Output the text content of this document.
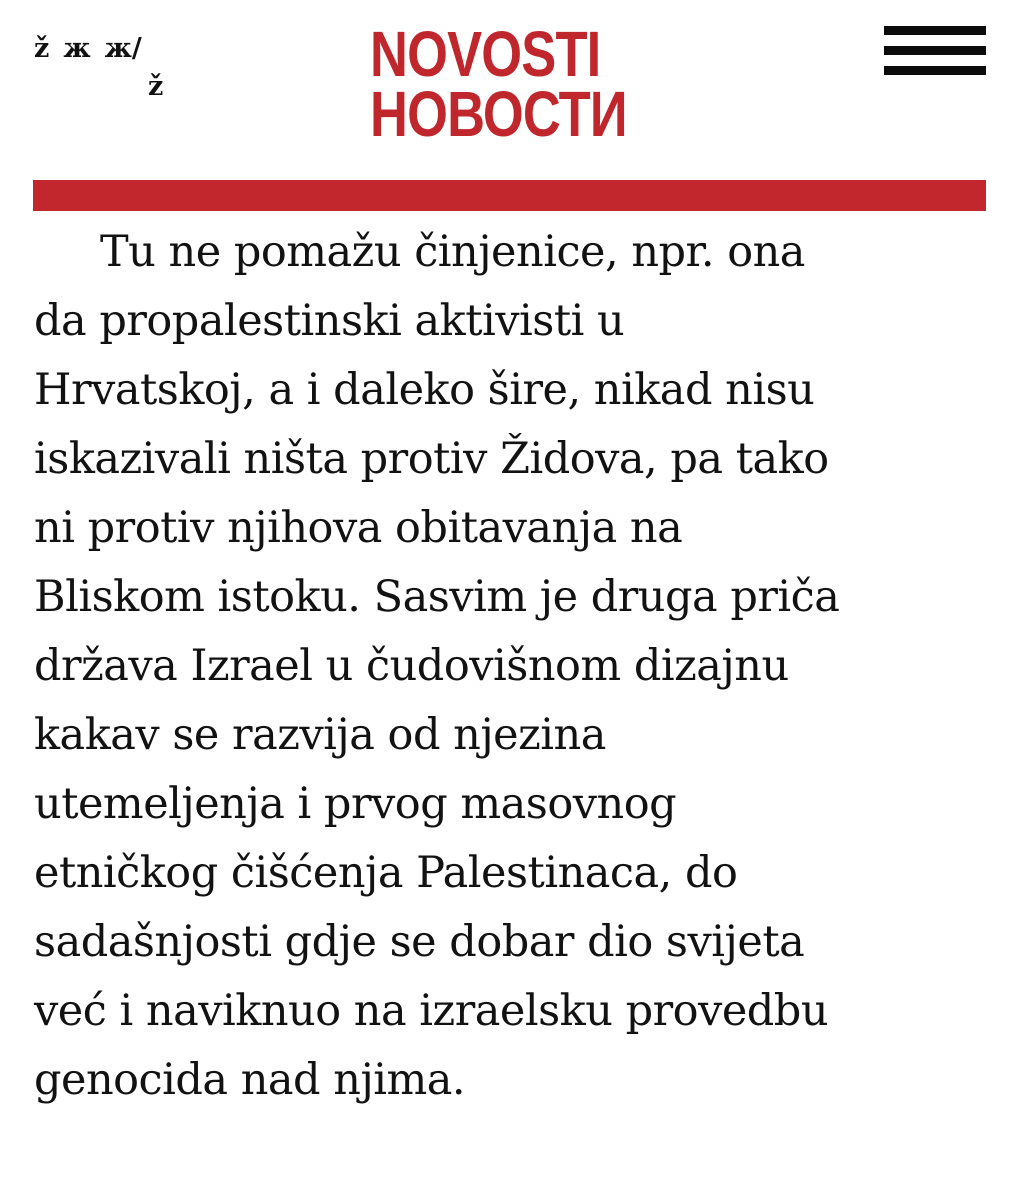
ž ж ж/
ž	NOVOSTI
НОВОСТИ

Tu ne pomažu činjenice, npr. ona
da propalestinski aktivisti u
Hrvatskoj, a i daleko šire, nikad nisu
iskazivali ništa protiv Židova, pa tako
ni protiv njihova obitavanja na
Bliskom istoku. Sasvim je druga priča
država Izrael u čudovišnom dizajnu
kakav se razvija od njezina
utemeljenja i prvog masovnog
etničkog čišćenja Palestinaca, do
sadašnjosti gdje se dobar dio svijeta
već i naviknuo na izraelsku provedbu
genocida nad njima.
